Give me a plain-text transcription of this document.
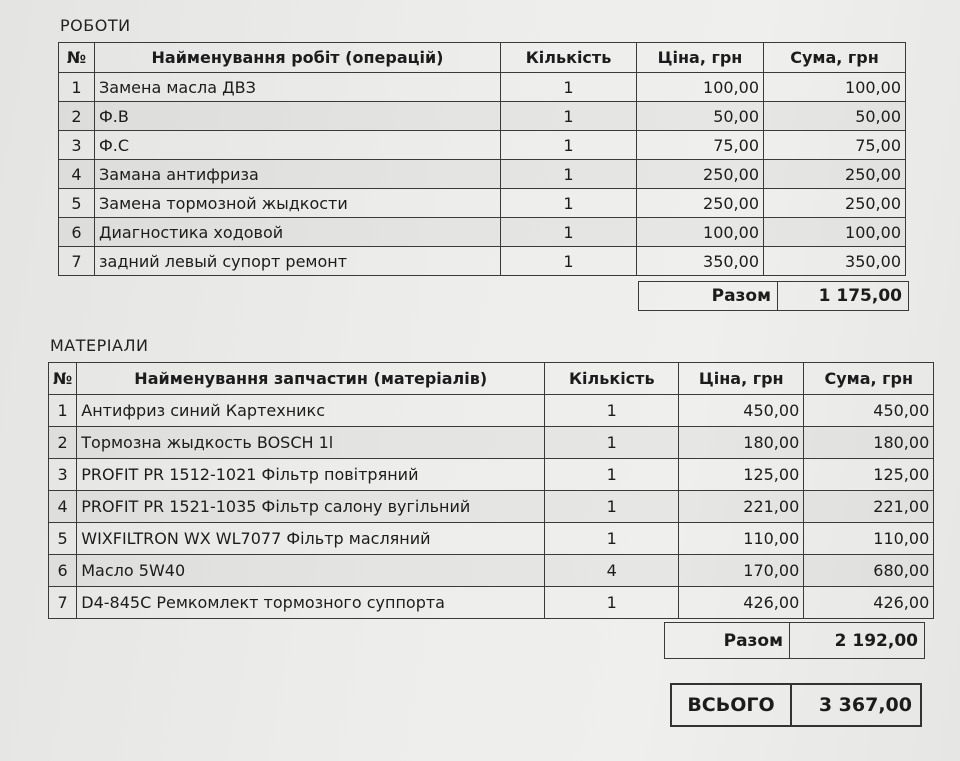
РОБОТИ
№	Найменування робіт (операцій)	Кількість	Ціна, грн	Сума, грн
1	Замена масла ДВЗ	1	100,00	100,00
2	Ф.В	1	50,00	50,00
3	Ф.С	1	75,00	75,00
4	Замана антифриза	1	250,00	250,00
5	Замена тормозной жыдкости	1	250,00	250,00
6	Диагностика ходовой	1	100,00	100,00
7	задний левый супорт ремонт	1	350,00	350,00
Разом	1 175,00
МАТЕРІАЛИ
№	Найменування запчастин (матеріалів)	Кількість	Ціна, грн	Сума, грн
1	Антифриз синий Картехникс	1	450,00	450,00
2	Тормозна жыдкость BOSCH 1l	1	180,00	180,00
3	PROFIT PR 1512-1021 Фільтр повітряний	1	125,00	125,00
4	PROFIT PR 1521-1035 Фільтр салону вугільний	1	221,00	221,00
5	WIXFILTRON WX WL7077 Фільтр масляний	1	110,00	110,00
6	Масло 5W40	4	170,00	680,00
7	D4-845C Ремкомлект тормозного суппорта	1	426,00	426,00
Разом	2 192,00
ВСЬОГО	3 367,00
